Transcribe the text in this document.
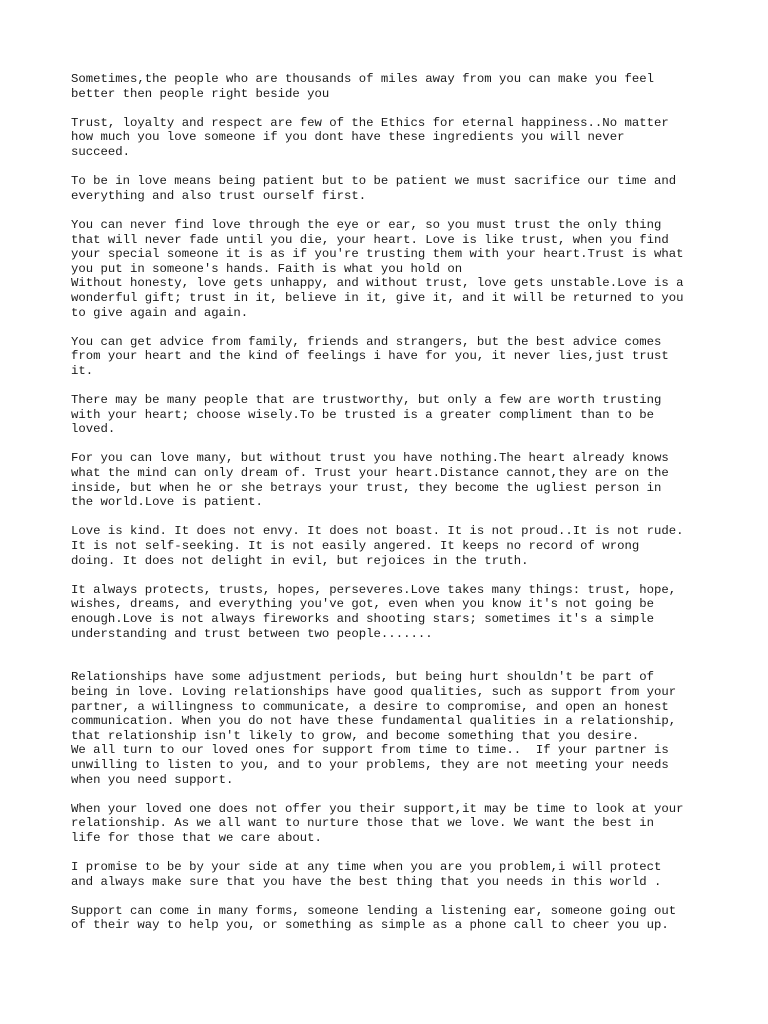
Sometimes,the people who are thousands of miles away from you can make you feel
better then people right beside you

Trust, loyalty and respect are few of the Ethics for eternal happiness..No matter
how much you love someone if you dont have these ingredients you will never
succeed.

To be in love means being patient but to be patient we must sacrifice our time and
everything and also trust ourself first.

You can never find love through the eye or ear, so you must trust the only thing
that will never fade until you die, your heart. Love is like trust, when you find
your special someone it is as if you're trusting them with your heart.Trust is what
you put in someone's hands. Faith is what you hold on
Without honesty, love gets unhappy, and without trust, love gets unstable.Love is a
wonderful gift; trust in it, believe in it, give it, and it will be returned to you
to give again and again.

You can get advice from family, friends and strangers, but the best advice comes
from your heart and the kind of feelings i have for you, it never lies,just trust
it.

There may be many people that are trustworthy, but only a few are worth trusting
with your heart; choose wisely.To be trusted is a greater compliment than to be
loved.

For you can love many, but without trust you have nothing.The heart already knows
what the mind can only dream of. Trust your heart.Distance cannot,they are on the
inside, but when he or she betrays your trust, they become the ugliest person in
the world.Love is patient.

Love is kind. It does not envy. It does not boast. It is not proud..It is not rude.
It is not self-seeking. It is not easily angered. It keeps no record of wrong
doing. It does not delight in evil, but rejoices in the truth.

It always protects, trusts, hopes, perseveres.Love takes many things: trust, hope,
wishes, dreams, and everything you've got, even when you know it's not going be
enough.Love is not always fireworks and shooting stars; sometimes it's a simple
understanding and trust between two people.......

Relationships have some adjustment periods, but being hurt shouldn't be part of
being in love. Loving relationships have good qualities, such as support from your
partner, a willingness to communicate, a desire to compromise, and open an honest
communication. When you do not have these fundamental qualities in a relationship,
that relationship isn't likely to grow, and become something that you desire.
We all turn to our loved ones for support from time to time..  If your partner is
unwilling to listen to you, and to your problems, they are not meeting your needs
when you need support.

When your loved one does not offer you their support,it may be time to look at your
relationship. As we all want to nurture those that we love. We want the best in
life for those that we care about.

I promise to be by your side at any time when you are you problem,i will protect
and always make sure that you have the best thing that you needs in this world .

Support can come in many forms, someone lending a listening ear, someone going out
of their way to help you, or something as simple as a phone call to cheer you up.
